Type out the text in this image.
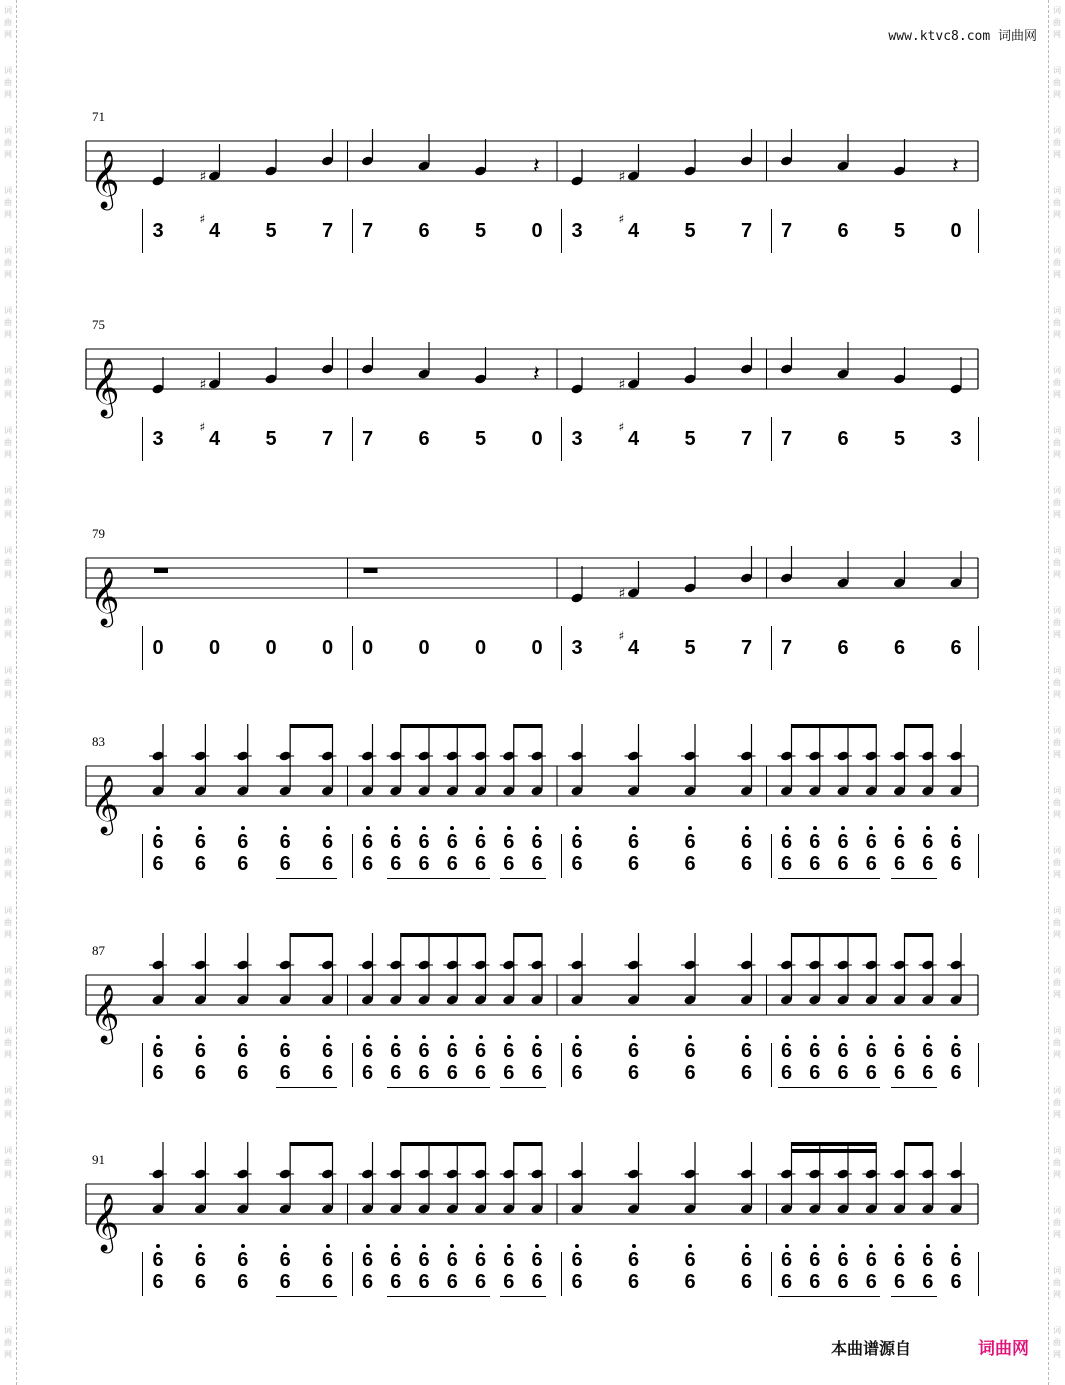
词
曲
网
词
曲
网
词
曲
网
词
曲
网
词
曲
网
词
曲
网
词
曲
网
词
曲
网
词
曲
网
词
曲
网
词
曲
网
词
曲
网
词
曲
网
词
曲
网
词
曲
网
词
曲
网
词
曲
网
词
曲
网
词
曲
网
词
曲
网
词
曲
网
词
曲
网
词
曲
网
词
曲
网
词
曲
网
词
曲
网
词
曲
网
词
曲
网
词
曲
网
词
曲
网
词
曲
网
词
曲
网
词
曲
网
词
曲
网
词
曲
网
词
曲
网
词
曲
网
词
曲
网
词
曲
网
词
曲
网
词
曲
网
词
曲
网
词
曲
网
词
曲
网
词
曲
网
词
曲
网
www.ktvc8.com 词曲网
𝄞	♯	𝄽	♯	𝄽
71
3 4
♯
5 7 7 6 5 0 3 4
♯
5 7 7 6 5 0
𝄞	♯	𝄽	♯
75
3 4
♯
5 7 7 6 5 0 3 4
♯
5 7 7 6 5 3
𝄞	♯
79
0 0 0 0 0 0 0 0 3 4
♯
5 7 7 6 6 6
𝄞
83
6
6
6
6
6
6
6
6
6
6
6
6
6
6
6
6
6
6
6
6
6
6
6
6
6
6
6
6
6
6
6
6
6
6
6
6
6
6
6
6
6
6
6
6
6
6
𝄞
87
6
6
6
6
6
6
6
6
6
6
6
6
6
6
6
6
6
6
6
6
6
6
6
6
6
6
6
6
6
6
6
6
6
6
6
6
6
6
6
6
6
6
6
6
6
6
𝄞
91
6
6
6
6
6
6
6
6
6
6
6
6
6
6
6
6
6
6
6
6
6
6
6
6
6
6
6
6
6
6
6
6
6
6
6
6
6
6
6
6
6
6
6
6
6
6
本曲谱源自	词曲网
